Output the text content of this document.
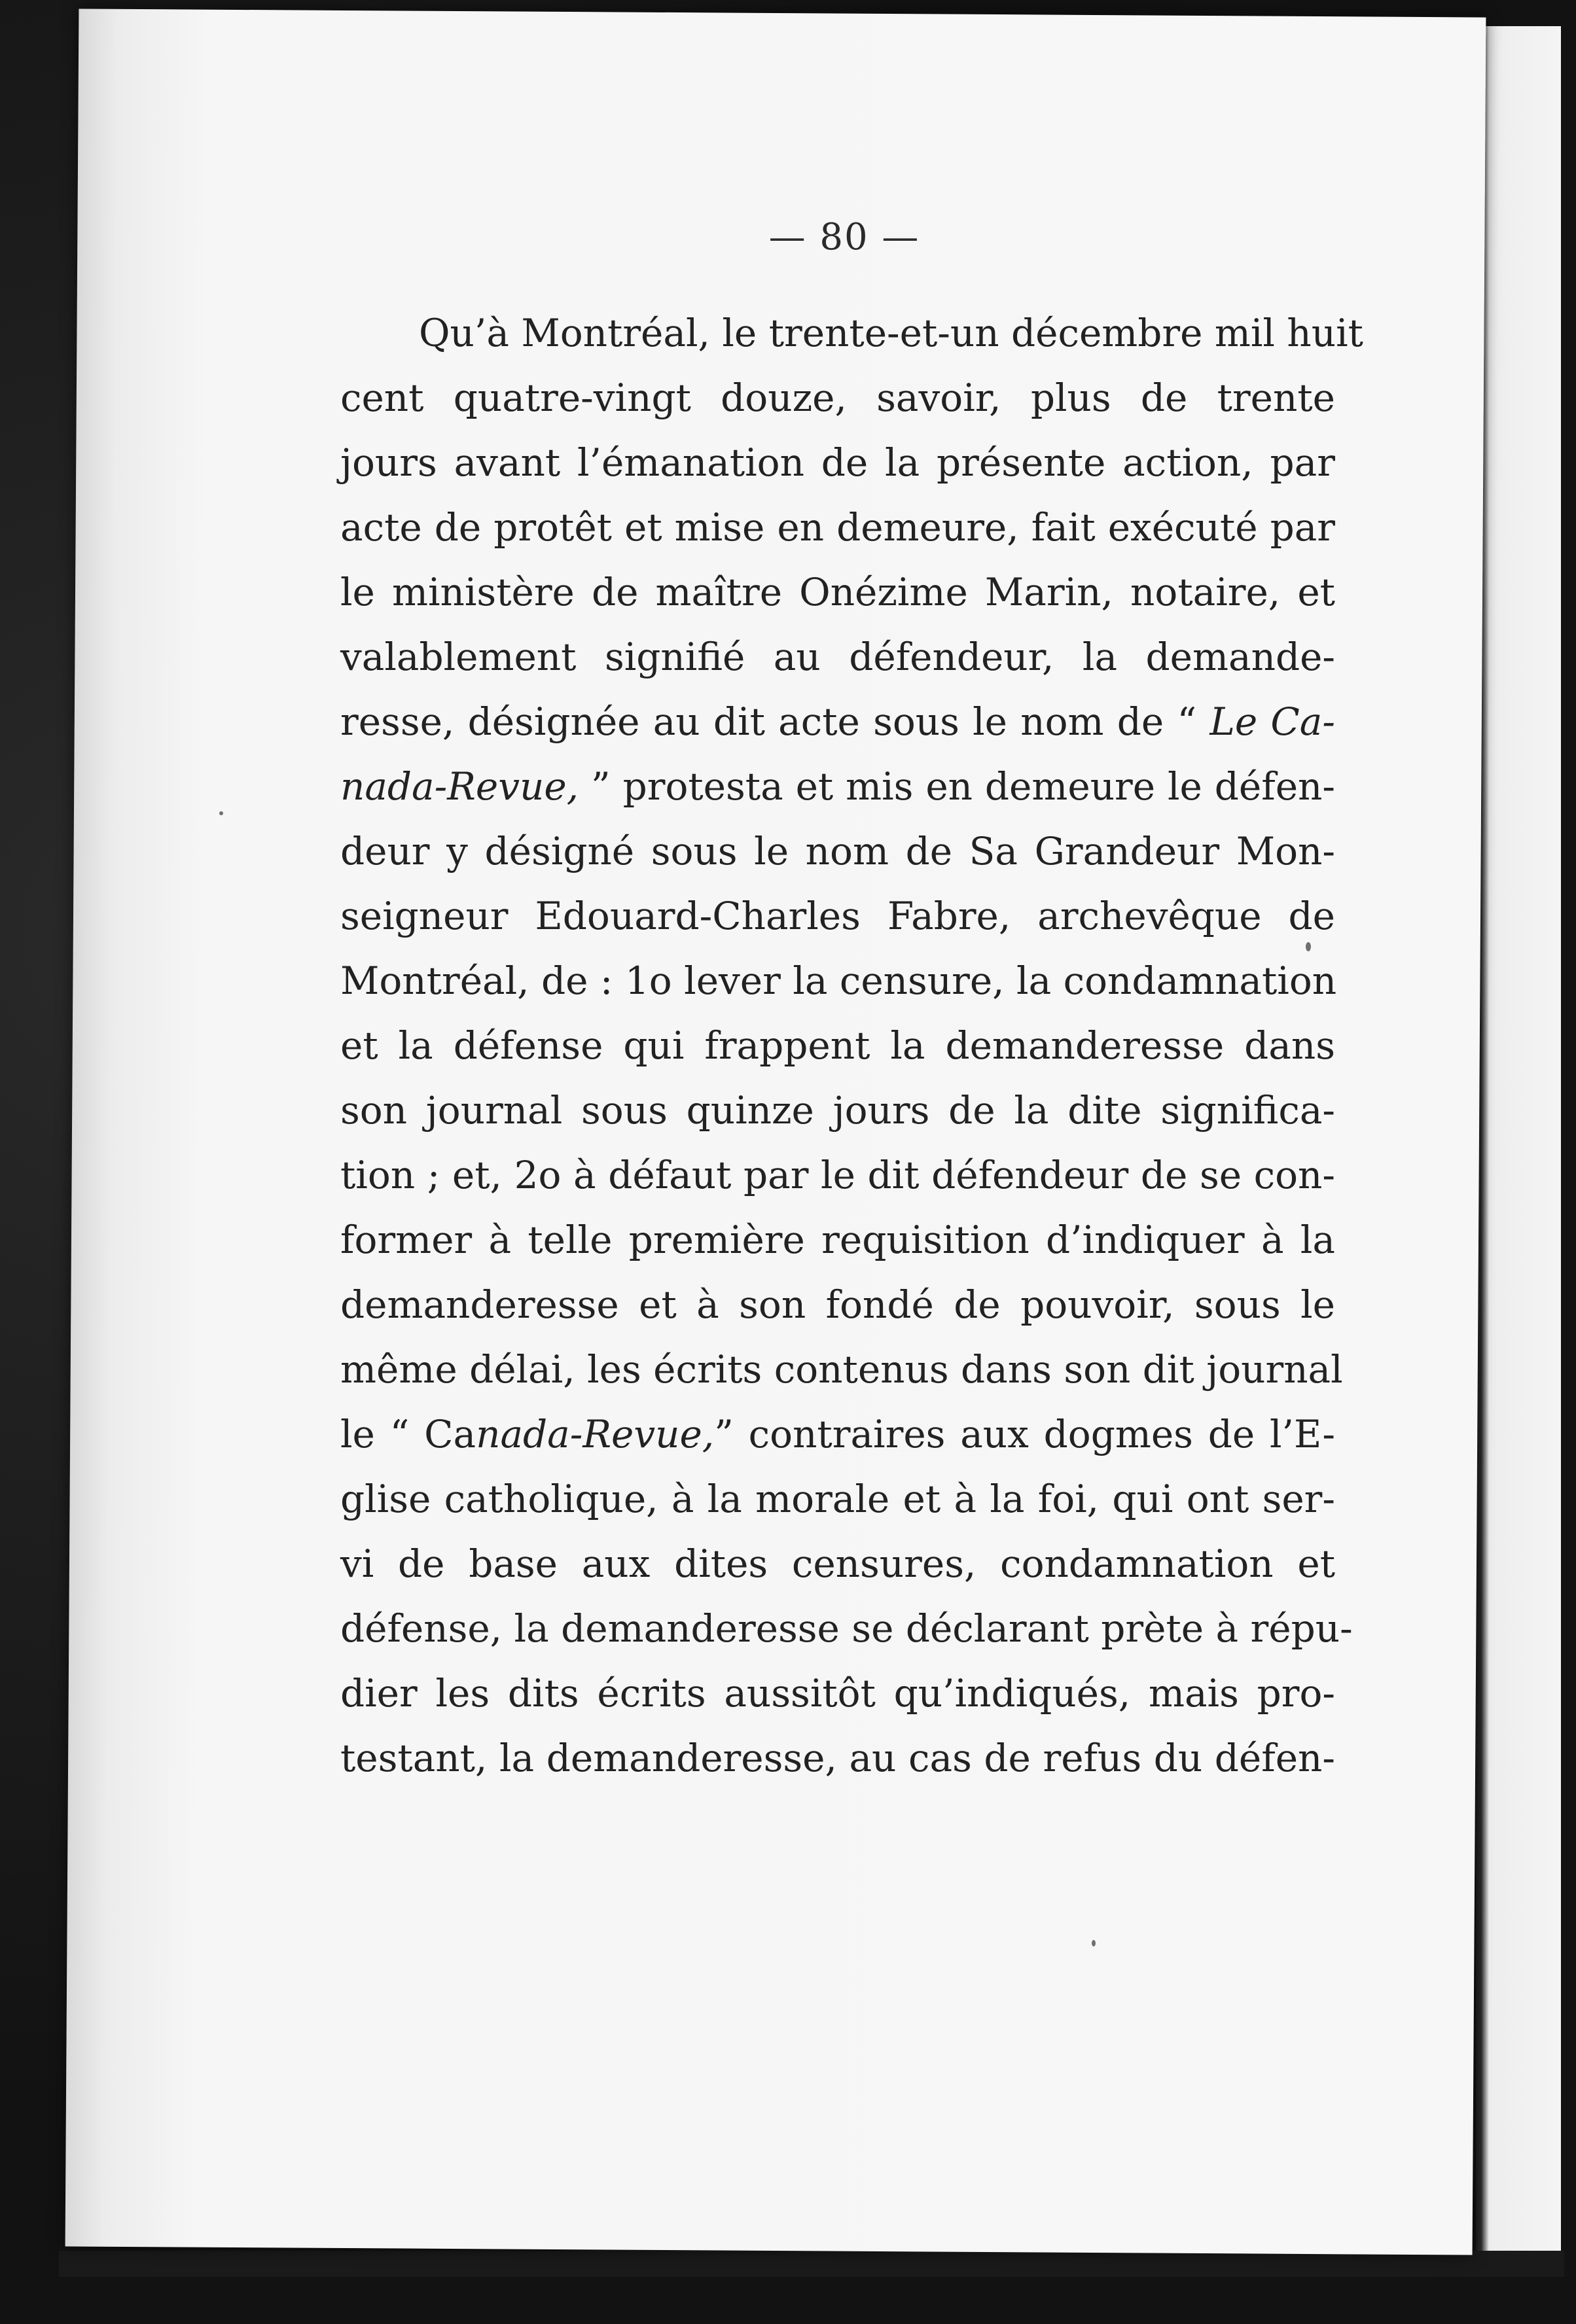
— 80 —
Qu’à Montréal, le trente-et-un décembre mil huit
cent quatre-vingt douze, savoir, plus de trente
jours avant l’émanation de la présente action, par
acte de protêt et mise en demeure, fait exécuté par
le ministère de maître Onézime Marin, notaire, et
valablement signifié au défendeur, la demande-
resse, désignée au dit acte sous le nom de “ Le Ca-
nada-Revue, ” protesta et mis en demeure le défen-
deur y désigné sous le nom de Sa Grandeur Mon-
seigneur Edouard-Charles Fabre, archevêque de
Montréal, de : 1o lever la censure, la condamnation
et la défense qui frappent la demanderesse dans
son journal sous quinze jours de la dite significa-
tion ; et, 2o à défaut par le dit défendeur de se con-
former à telle première requisition d’indiquer à la
demanderesse et à son fondé de pouvoir, sous le
même délai, les écrits contenus dans son dit journal
le “ Canada-Revue,” contraires aux dogmes de l’E-
glise catholique, à la morale et à la foi, qui ont ser-
vi de base aux dites censures, condamnation et
défense, la demanderesse se déclarant prète à répu-
dier les dits écrits aussitôt qu’indiqués, mais pro-
testant, la demanderesse, au cas de refus du défen-
